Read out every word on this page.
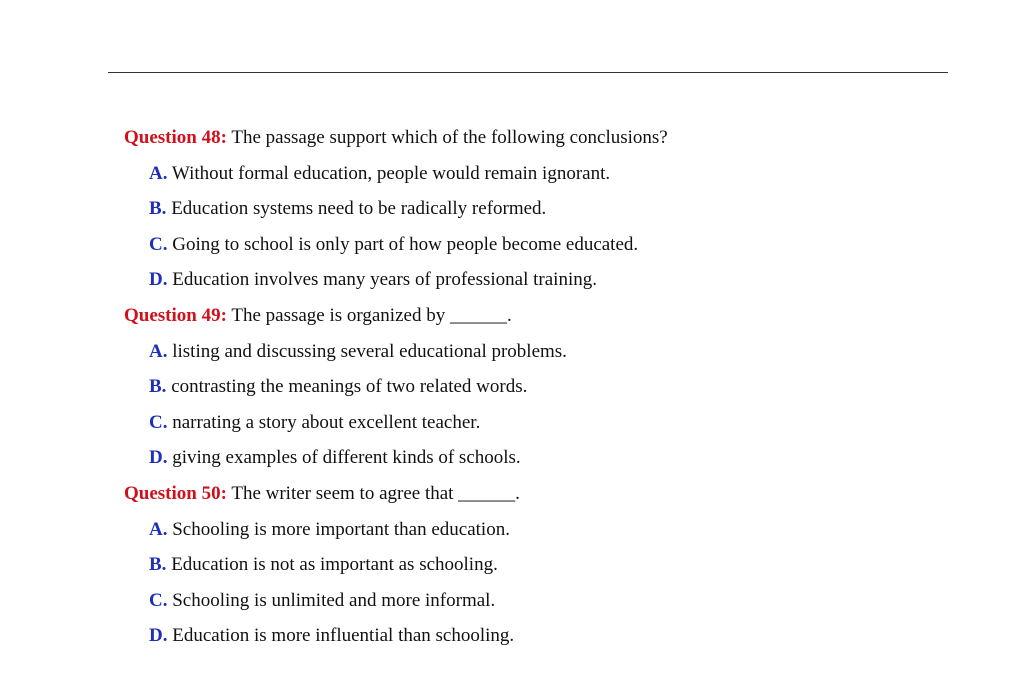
Question 48: The passage support which of the following conclusions?
A. Without formal education, people would remain ignorant.
B. Education systems need to be radically reformed.
C. Going to school is only part of how people become educated.
D. Education involves many years of professional training.
Question 49: The passage is organized by ______.
A. listing and discussing several educational problems.
B. contrasting the meanings of two related words.
C. narrating a story about excellent teacher.
D. giving examples of different kinds of schools.
Question 50: The writer seem to agree that ______.
A. Schooling is more important than education.
B. Education is not as important as schooling.
C. Schooling is unlimited and more informal.
D. Education is more influential than schooling.
